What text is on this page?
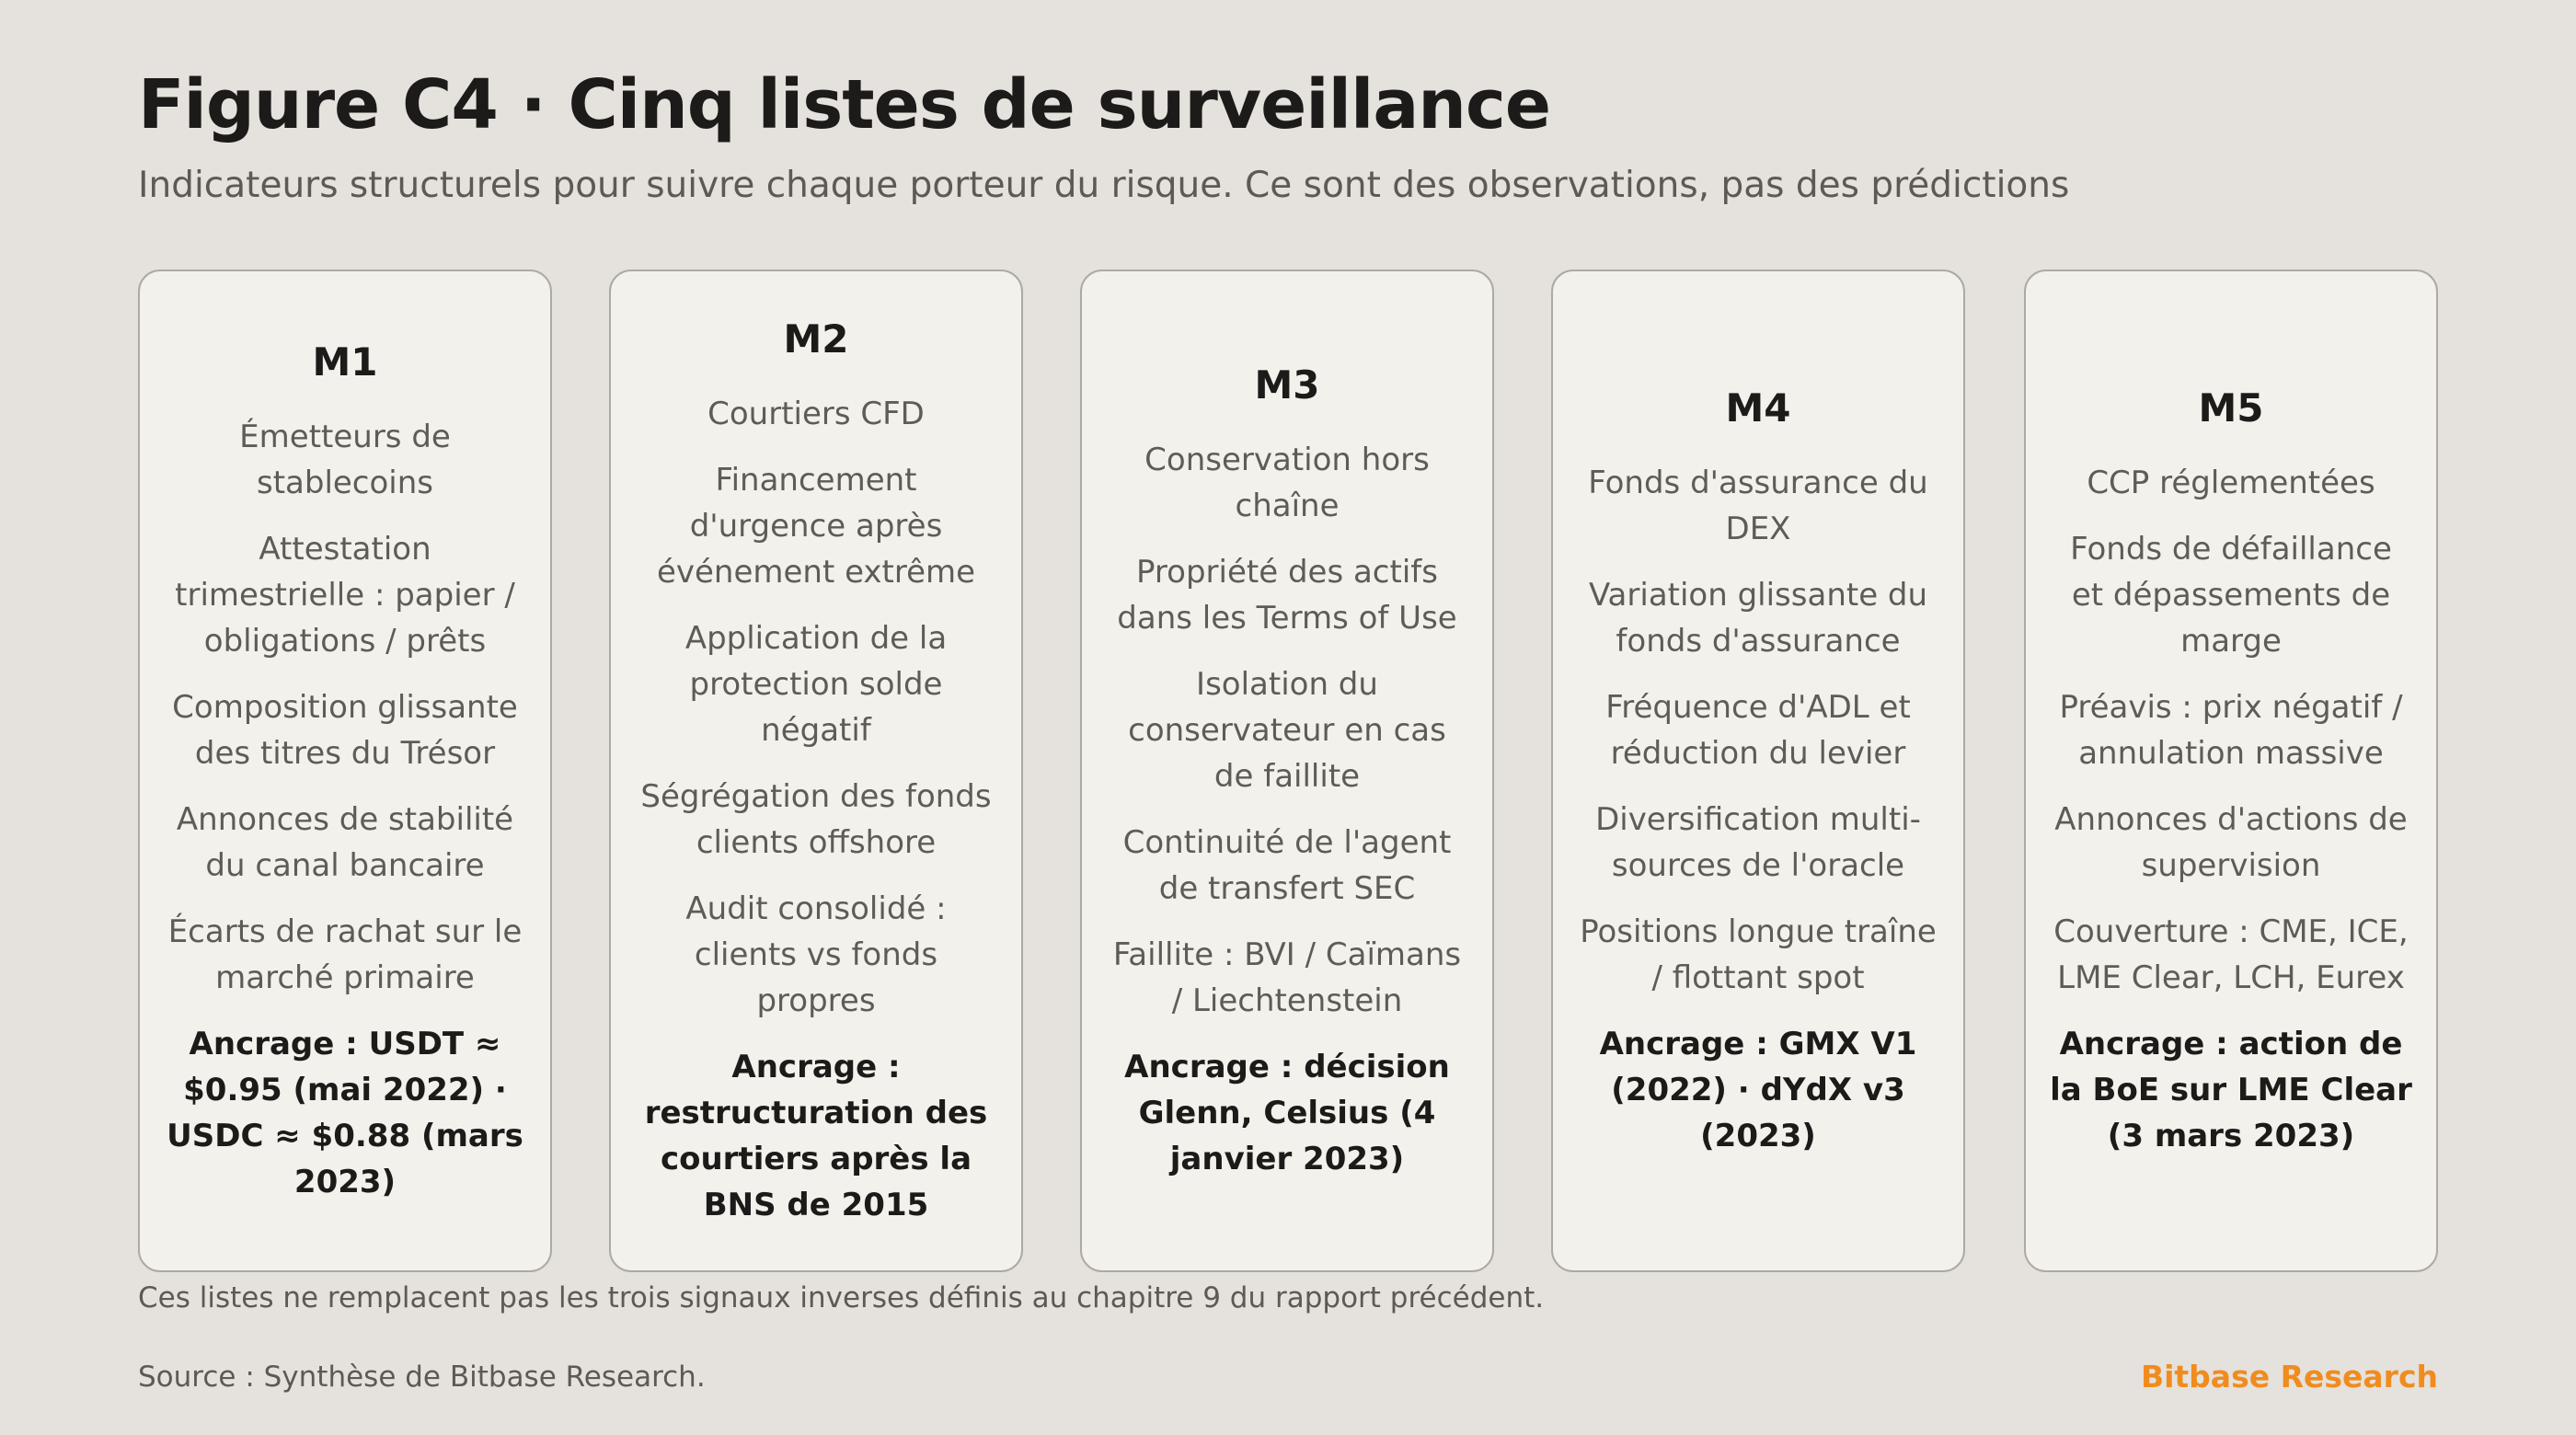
Figure C4 · Cinq listes de surveillance

Indicateurs structurels pour suivre chaque porteur du risque. Ce sont des observations, pas des prédictions

M1
Émetteurs de stablecoins
Attestation trimestrielle : papier / obligations / prêts
Composition glissante des titres du Trésor
Annonces de stabilité du canal bancaire
Écarts de rachat sur le marché primaire
Ancrage : USDT ≈ $0.95 (mai 2022) · USDC ≈ $0.88 (mars 2023)
M2
Courtiers CFD
Financement d'urgence après événement extrême
Application de la protection solde négatif
Ségrégation des fonds clients offshore
Audit consolidé : clients vs fonds propres
Ancrage : restructuration des courtiers après la BNS de 2015
M3
Conservation hors chaîne
Propriété des actifs dans les Terms of Use
Isolation du conservateur en cas de faillite
Continuité de l'agent de transfert SEC
Faillite : BVI / Caïmans / Liechtenstein
Ancrage : décision Glenn, Celsius (4 janvier 2023)
M4
Fonds d'assurance du DEX
Variation glissante du fonds d'assurance
Fréquence d'ADL et réduction du levier
Diversification multi-sources de l'oracle
Positions longue traîne / flottant spot
Ancrage : GMX V1 (2022) · dYdX v3 (2023)
M5
CCP réglementées
Fonds de défaillance et dépassements de marge
Préavis : prix négatif / annulation massive
Annonces d'actions de supervision
Couverture : CME, ICE, LME Clear, LCH, Eurex
Ancrage : action de la BoE sur LME Clear (3 mars 2023)

Ces listes ne remplacent pas les trois signaux inverses définis au chapitre 9 du rapport précédent.

Source : Synthèse de Bitbase Research.	Bitbase Research
